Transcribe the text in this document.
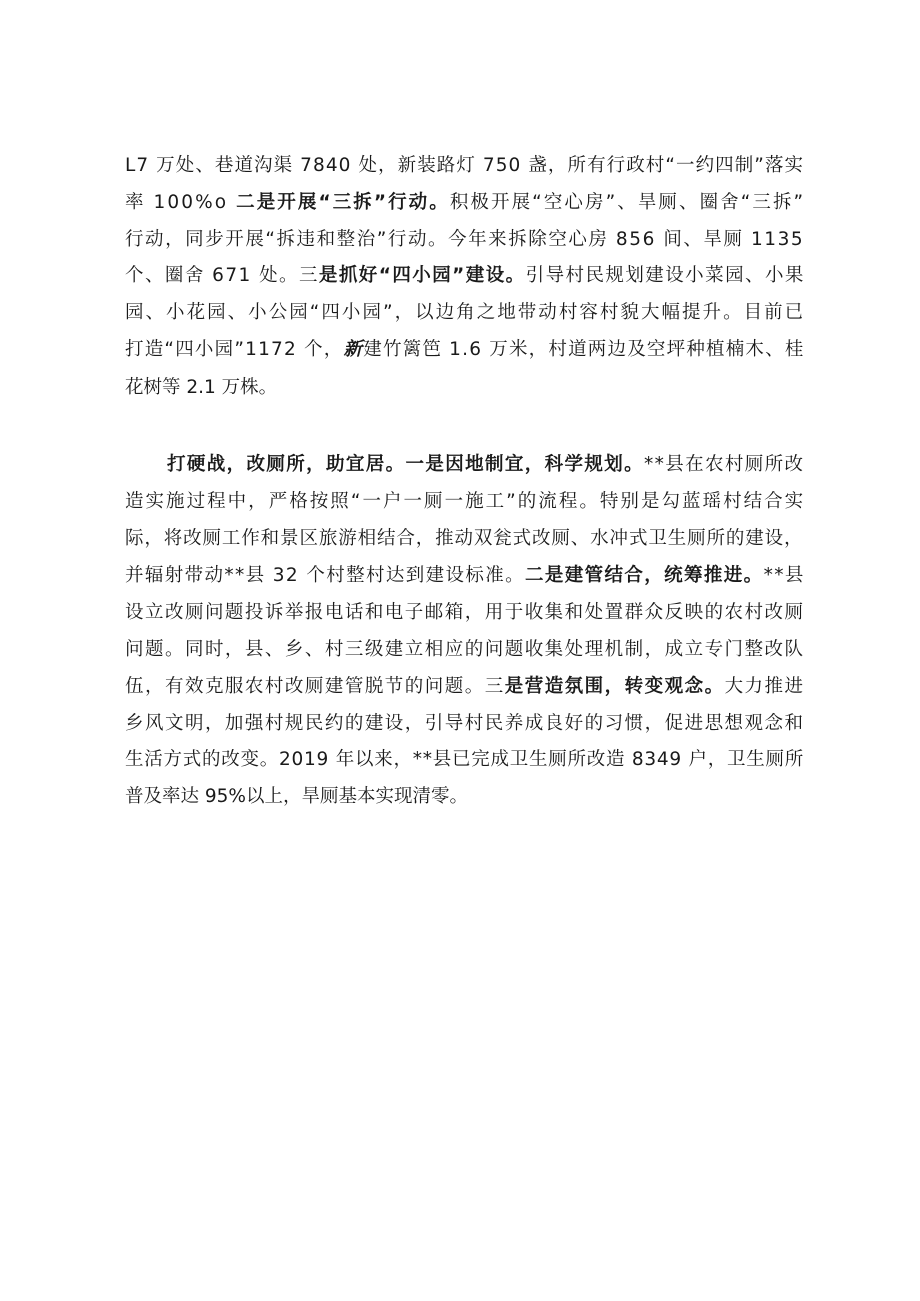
L7 万处、巷道沟渠 7840 处，新装路灯 750 盏，所有行政村“一约四制”落实
率 100%o 二是开展“三拆”行动。积极开展“空心房”、旱厕、圈舍“三拆”
行动，同步开展“拆违和整治”行动。今年来拆除空心房 856 间、旱厕 1135
个、圈舍 671 处。三是抓好“四小园”建设。引导村民规划建设小菜园、小果
园、小花园、小公园“四小园”，以边角之地带动村容村貌大幅提升。目前已
打造“四小园”1172 个，新建竹篱笆 1.6 万米，村道两边及空坪种植楠木、桂
花树等 2.1 万株。
打硬战，改厕所，助宜居。一是因地制宜，科学规划。**县在农村厕所改
造实施过程中，严格按照“一户一厕一施工”的流程。特别是勾蓝瑶村结合实
际，将改厕工作和景区旅游相结合，推动双瓮式改厕、水冲式卫生厕所的建设，
并辐射带动**县 32 个村整村达到建设标准。二是建管结合，统筹推进。**县
设立改厕问题投诉举报电话和电子邮箱，用于收集和处置群众反映的农村改厕
问题。同时，县、乡、村三级建立相应的问题收集处理机制，成立专门整改队
伍，有效克服农村改厕建管脱节的问题。三是营造氛围，转变观念。大力推进
乡风文明，加强村规民约的建设，引导村民养成良好的习惯，促进思想观念和
生活方式的改变。2019 年以来，**县已完成卫生厕所改造 8349 户，卫生厕所
普及率达 95%以上，旱厕基本实现清零。
